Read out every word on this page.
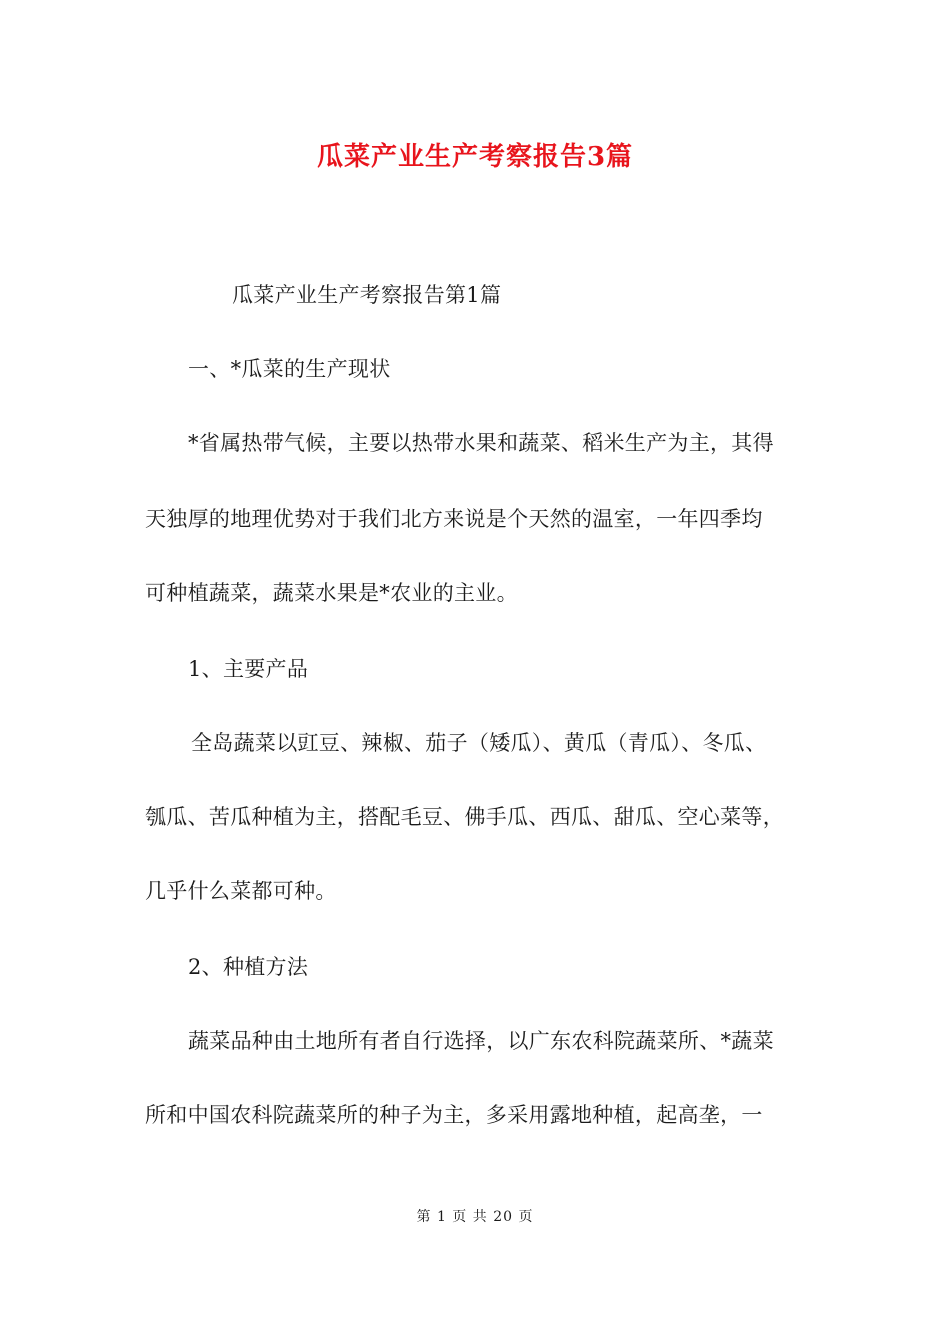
瓜菜产业生产考察报告3篇
瓜菜产业生产考察报告第1篇
一、*瓜菜的生产现状
*省属热带气候，主要以热带水果和蔬菜、稻米生产为主，其得
天独厚的地理优势对于我们北方来说是个天然的温室，一年四季均
可种植蔬菜，蔬菜水果是*农业的主业。
1、主要产品
全岛蔬菜以豇豆、辣椒、茄子（矮瓜）、黄瓜（青瓜）、冬瓜、
瓠瓜、苦瓜种植为主，搭配毛豆、佛手瓜、西瓜、甜瓜、空心菜等，
几乎什么菜都可种。
2、种植方法
蔬菜品种由土地所有者自行选择，以广东农科院蔬菜所、*蔬菜
所和中国农科院蔬菜所的种子为主，多采用露地种植，起高垄，一
第 1 页 共 20 页
